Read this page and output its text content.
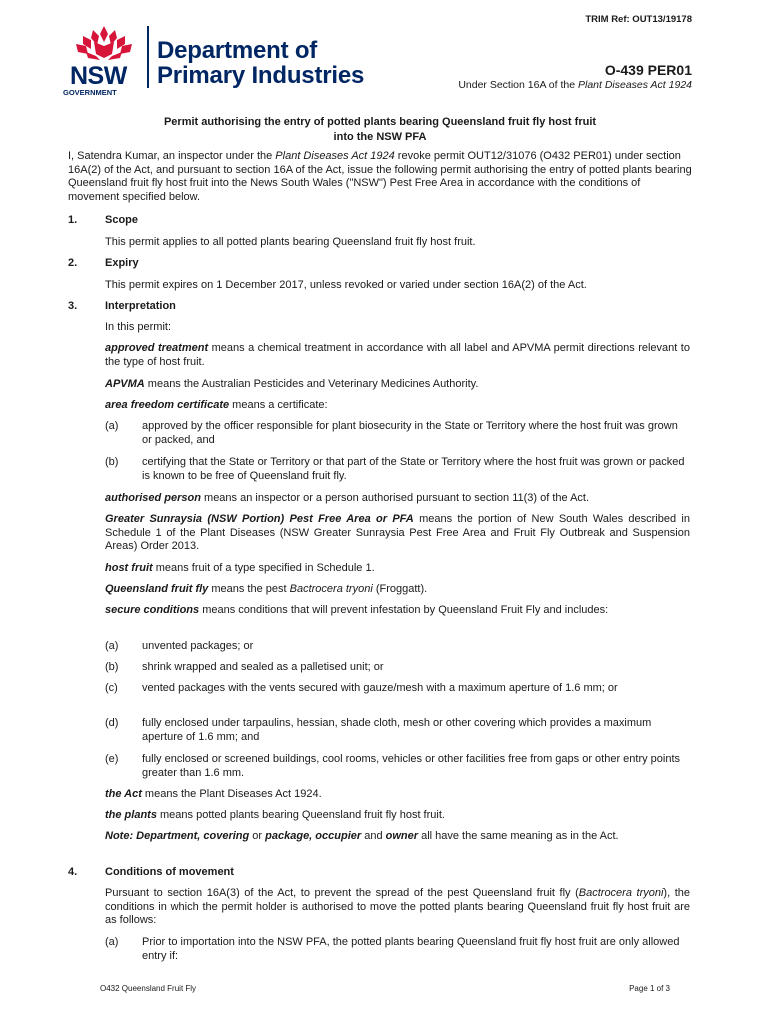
TRIM Ref: OUT13/19178
NSW
GOVERNMENT
Department of
Primary Industries	O-439 PER01
Under Section 16A of the Plant Diseases Act 1924
Permit authorising the entry of potted plants bearing Queensland fruit fly host fruit
into the NSW PFA

I, Satendra Kumar, an inspector under the Plant Diseases Act 1924 revoke permit OUT12/31076 (O432 PER01) under section 16A(2) of the Act, and pursuant to section 16A of the Act, issue the following permit authorising the entry of potted plants bearing Queensland fruit fly host fruit into the News South Wales ("NSW") Pest Free Area in accordance with the conditions of movement specified below.

1.	Scope

This permit applies to all potted plants bearing Queensland fruit fly host fruit.

2.	Expiry

This permit expires on 1 December 2017, unless revoked or varied under section 16A(2) of the Act.

3.	Interpretation

In this permit:

approved treatment means a chemical treatment in accordance with all label and APVMA permit directions relevant to the type of host fruit.

APVMA means the Australian Pesticides and Veterinary Medicines Authority.

area freedom certificate means a certificate:

(a) approved by the officer responsible for plant biosecurity in the State or Territory where the host fruit was grown or packed, and

(b) certifying that the State or Territory or that part of the State or Territory where the host fruit was grown or packed is known to be free of Queensland fruit fly.

authorised person means an inspector or a person authorised pursuant to section 11(3) of the Act.

Greater Sunraysia (NSW Portion) Pest Free Area or PFA means the portion of New South Wales described in Schedule 1 of the Plant Diseases (NSW Greater Sunraysia Pest Free Area and Fruit Fly Outbreak and Suspension Areas) Order 2013.

host fruit means fruit of a type specified in Schedule 1.

Queensland fruit fly means the pest Bactrocera tryoni (Froggatt).

secure conditions means conditions that will prevent infestation by Queensland Fruit Fly and includes:

(a) unvented packages; or

(b) shrink wrapped and sealed as a palletised unit; or

(c) vented packages with the vents secured with gauze/mesh with a maximum aperture of 1.6 mm; or

(d) fully enclosed under tarpaulins, hessian, shade cloth, mesh or other covering which provides a maximum aperture of 1.6 mm; and

(e) fully enclosed or screened buildings, cool rooms, vehicles or other facilities free from gaps or other entry points greater than 1.6 mm.

the Act means the Plant Diseases Act 1924.

the plants means potted plants bearing Queensland fruit fly host fruit.

Note: Department, covering or package, occupier and owner all have the same meaning as in the Act.

4.	Conditions of movement

Pursuant to section 16A(3) of the Act, to prevent the spread of the pest Queensland fruit fly (Bactrocera tryoni), the conditions in which the permit holder is authorised to move the potted plants bearing Queensland fruit fly host fruit are as follows:

(a) Prior to importation into the NSW PFA, the potted plants bearing Queensland fruit fly host fruit are only allowed entry if:

O432 Queensland Fruit Fly	Page 1 of 3
